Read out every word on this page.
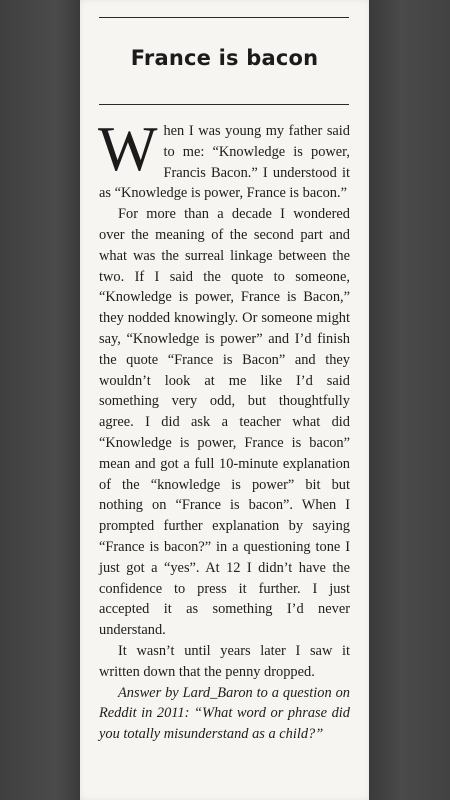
France is bacon

When I was young my father said to me: “Knowledge is power, Francis Bacon.” I understood it as “Knowledge is power, France is bacon.”

For more than a decade I wondered over the meaning of the second part and what was the surreal linkage between the two. If I said the quote to someone, “Knowledge is power, France is Bacon,” they nodded knowingly. Or someone might say, “Knowledge is power” and I’d finish the quote “France is Bacon” and they wouldn’t look at me like I’d said something very odd, but thoughtfully agree. I did ask a teacher what did “Knowledge is power, France is bacon” mean and got a full 10-minute explanation of the “knowledge is power” bit but nothing on “France is bacon”. When I prompted further explanation by saying “France is bacon?” in a questioning tone I just got a “yes”. At 12 I didn’t have the confidence to press it further. I just accepted it as something I’d never understand.

It wasn’t until years later I saw it written down that the penny dropped.

Answer by Lard_Baron to a question on Reddit in 2011: “What word or phrase did you totally misunderstand as a child?”
